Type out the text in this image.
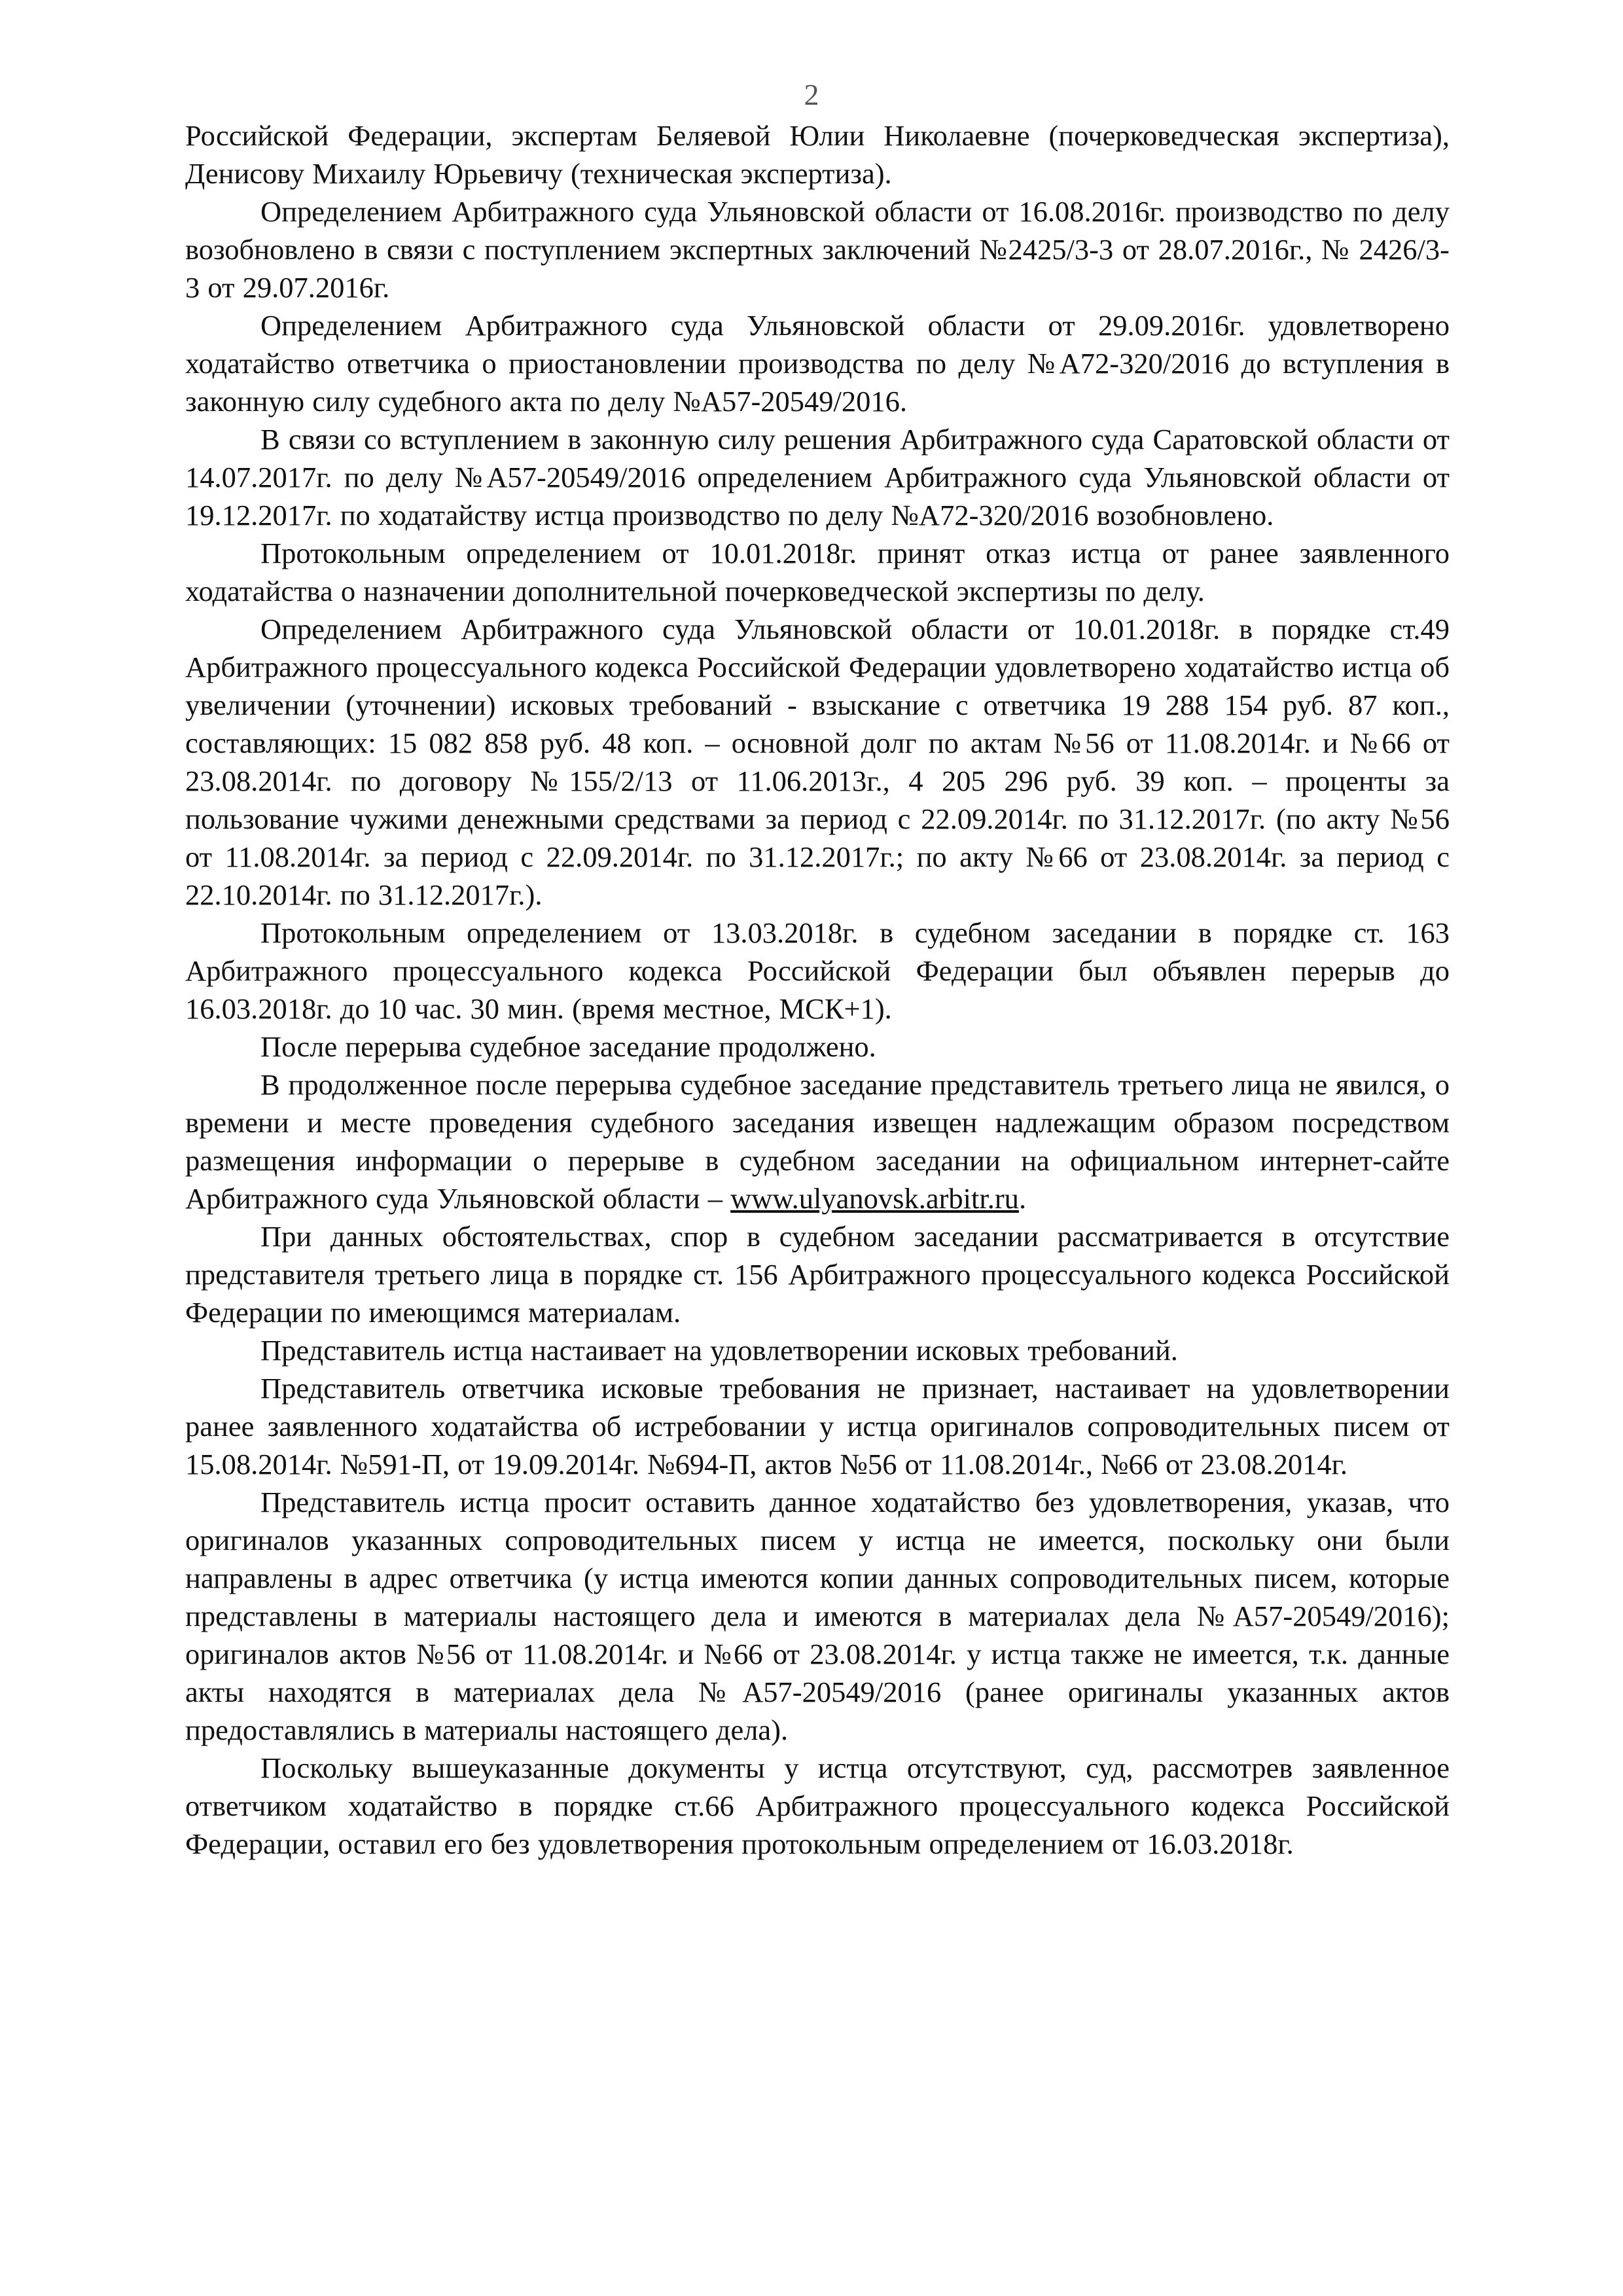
2

Российской Федерации, экспертам Беляевой Юлии Николаевне (почерковедческая экспертиза), Денисову Михаилу Юрьевичу (техническая экспертиза).

Определением Арбитражного суда Ульяновской области от 16.08.2016г. производство по делу возобновлено в связи с поступлением экспертных заключений №2425/3-3 от 28.07.2016г., № 2426/3-3 от 29.07.2016г.

Определением Арбитражного суда Ульяновской области от 29.09.2016г. удовлетворено ходатайство ответчика о приостановлении производства по делу №А72-320/2016 до вступления в законную силу судебного акта по делу №А57-20549/2016.

В связи со вступлением в законную силу решения Арбитражного суда Саратовской области от 14.07.2017г. по делу №А57-20549/2016 определением Арбитражного суда Ульяновской области от 19.12.2017г. по ходатайству истца производство по делу №А72-320/2016 возобновлено.

Протокольным определением от 10.01.2018г. принят отказ истца от ранее заявленного ходатайства о назначении дополнительной почерковедческой экспертизы по делу.

Определением Арбитражного суда Ульяновской области от 10.01.2018г. в порядке ст.49 Арбитражного процессуального кодекса Российской Федерации удовлетворено ходатайство истца об увеличении (уточнении) исковых требований - взыскание с ответчика 19 288 154 руб. 87 коп., составляющих: 15 082 858 руб. 48 коп. – основной долг по актам №56 от 11.08.2014г. и №66 от 23.08.2014г. по договору №155/2/13 от 11.06.2013г., 4 205 296 руб. 39 коп. – проценты за пользование чужими денежными средствами за период с 22.09.2014г. по 31.12.2017г. (по акту №56 от 11.08.2014г. за период с 22.09.2014г. по 31.12.2017г.; по акту №66 от 23.08.2014г. за период с 22.10.2014г. по 31.12.2017г.).

Протокольным определением от 13.03.2018г. в судебном заседании в порядке ст. 163 Арбитражного процессуального кодекса Российской Федерации был объявлен перерыв до 16.03.2018г. до 10 час. 30 мин. (время местное, МСК+1).

После перерыва судебное заседание продолжено.

В продолженное после перерыва судебное заседание представитель третьего лица не явился, о времени и месте проведения судебного заседания извещен надлежащим образом посредством размещения информации о перерыве в судебном заседании на официальном интернет-сайте Арбитражного суда Ульяновской области – www.ulyanovsk.arbitr.ru.

При данных обстоятельствах, спор в судебном заседании рассматривается в отсутствие представителя третьего лица в порядке ст. 156 Арбитражного процессуального кодекса Российской Федерации по имеющимся материалам.

Представитель истца настаивает на удовлетворении исковых требований.

Представитель ответчика исковые требования не признает, настаивает на удовлетворении ранее заявленного ходатайства об истребовании у истца оригиналов сопроводительных писем от 15.08.2014г. №591-П, от 19.09.2014г. №694-П, актов №56 от 11.08.2014г., №66 от 23.08.2014г.

Представитель истца просит оставить данное ходатайство без удовлетворения, указав, что оригиналов указанных сопроводительных писем у истца не имеется, поскольку они были направлены в адрес ответчика (у истца имеются копии данных сопроводительных писем, которые представлены в материалы настоящего дела и имеются в материалах дела №А57-20549/2016); оригиналов актов №56 от 11.08.2014г. и №66 от 23.08.2014г. у истца также не имеется, т.к. данные акты находятся в материалах дела №А57-20549/2016 (ранее оригиналы указанных актов предоставлялись в материалы настоящего дела).

Поскольку вышеуказанные документы у истца отсутствуют, суд, рассмотрев заявленное ответчиком ходатайство в порядке ст.66 Арбитражного процессуального кодекса Российской Федерации, оставил его без удовлетворения протокольным определением от 16.03.2018г.
